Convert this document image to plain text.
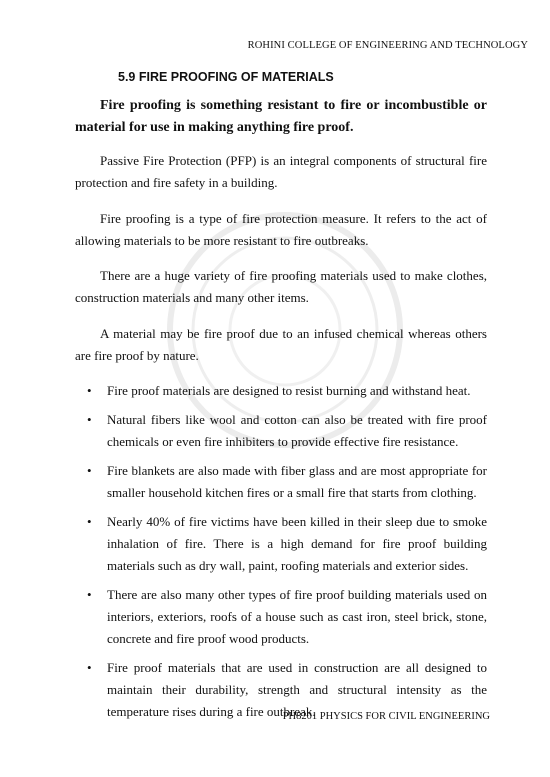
ROHINI COLLEGE OF ENGINEERING AND TECHNOLOGY
5.9 FIRE PROOFING OF MATERIALS

Fire proofing is something resistant to fire or incombustible or material for use in making anything fire proof.

Passive Fire Protection (PFP) is an integral components of structural fire protection and fire safety in a building.

Fire proofing is a type of fire protection measure. It refers to the act of allowing materials to be more resistant to fire outbreaks.

There are a huge variety of fire proofing materials used to make clothes, construction materials and many other items.

A material may be fire proof due to an infused chemical whereas others are fire proof by nature.

• Fire proof materials are designed to resist burning and withstand heat.
• Natural fibers like wool and cotton can also be treated with fire proof chemicals or even fire inhibiters to provide effective fire resistance.
• Fire blankets are also made with fiber glass and are most appropriate for smaller household kitchen fires or a small fire that starts from clothing.
• Nearly 40% of fire victims have been killed in their sleep due to smoke inhalation of fire. There is a high demand for fire proof building materials such as dry wall, paint, roofing materials and exterior sides.
• There are also many other types of fire proof building materials used on interiors, exteriors, roofs of a house such as cast iron, steel brick, stone, concrete and fire proof wood products.
• Fire proof materials that are used in construction are all designed to maintain their durability, strength and structural intensity as the temperature rises during a fire outbreak.
PH8201 PHYSICS FOR CIVIL ENGINEERING
